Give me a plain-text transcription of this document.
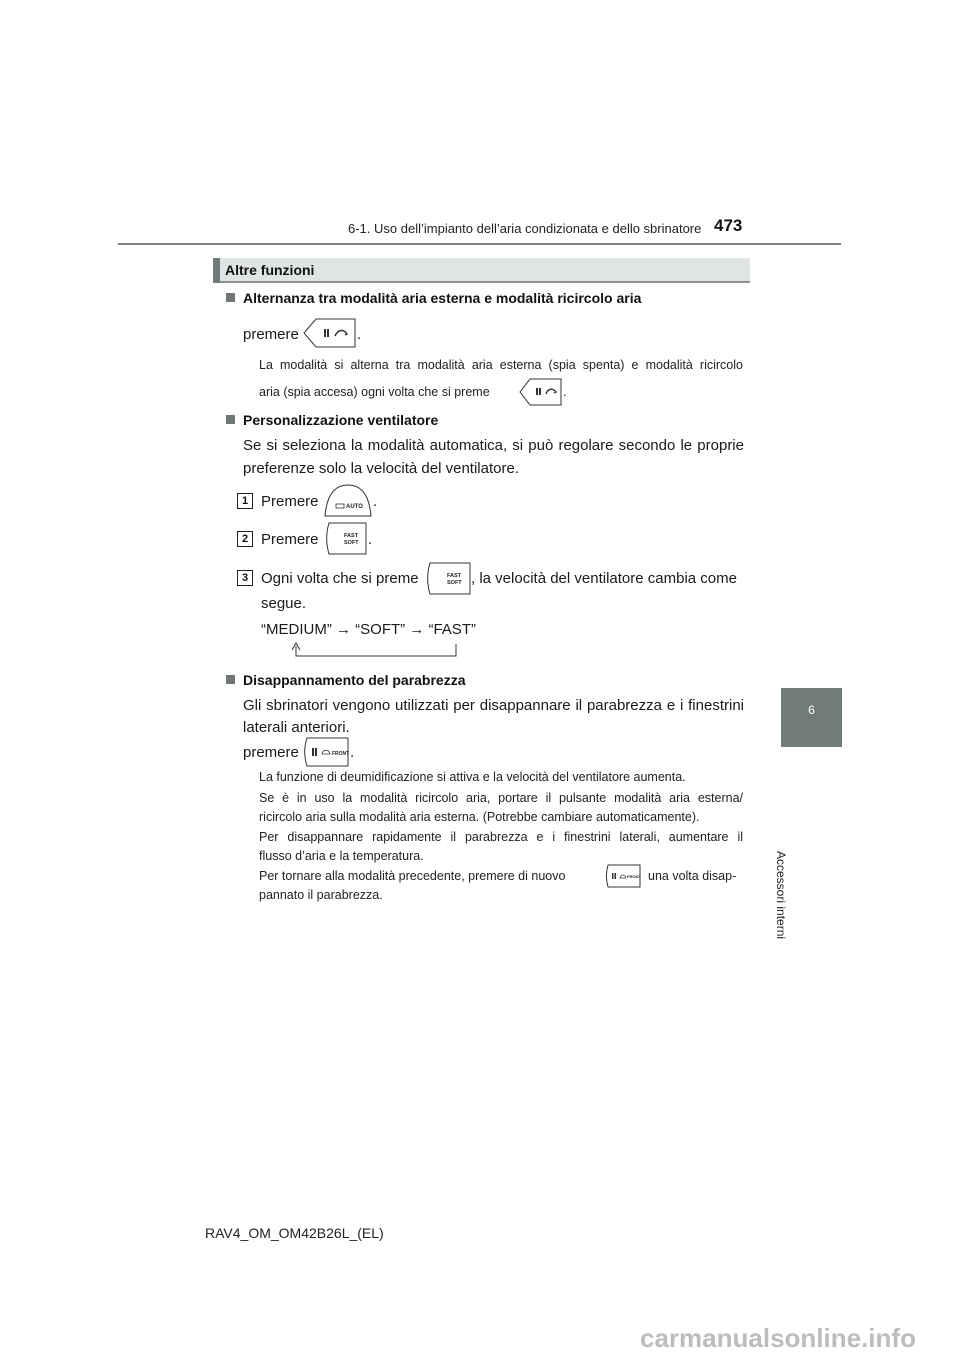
6-1. Uso dell’impianto dell’aria condizionata e dello sbrinatore 473
6
Accessori interni
Altre funzioni
Alternanza tra modalità aria esterna e modalità ricircolo aria
premere	.
La modalità si alterna tra modalità aria esterna (spia spenta) e modalità ricircolo
aria (spia accesa) ogni volta che si preme	.
Personalizzazione ventilatore
Se si seleziona la modalità automatica, si può regolare secondo le proprie
preferenze solo la velocità del ventilatore.
1 Premere	AUTO .
2 Premere	FAST
SOFT .
3 Ogni volta che si preme	FAST
SOFT , la velocità del ventilatore cambia come
segue.
“MEDIUM” → “SOFT” → “FAST”
Disappannamento del parabrezza
Gli sbrinatori vengono utilizzati per disappannare il parabrezza e i finestrini
laterali anteriori.
premere	FRONT .
La funzione di deumidificazione si attiva e la velocità del ventilatore aumenta.
Se è in uso la modalità ricircolo aria, portare il pulsante modalità aria esterna/
ricircolo aria sulla modalità aria esterna. (Potrebbe cambiare automaticamente).
Per disappannare rapidamente il parabrezza e i finestrini laterali, aumentare il
flusso d’aria e la temperatura.
Per tornare alla modalità precedente, premere di nuovo	FRONT una volta disap-
pannato il parabrezza.
RAV4_OM_OM42B26L_(EL)
carmanualsonline.info
